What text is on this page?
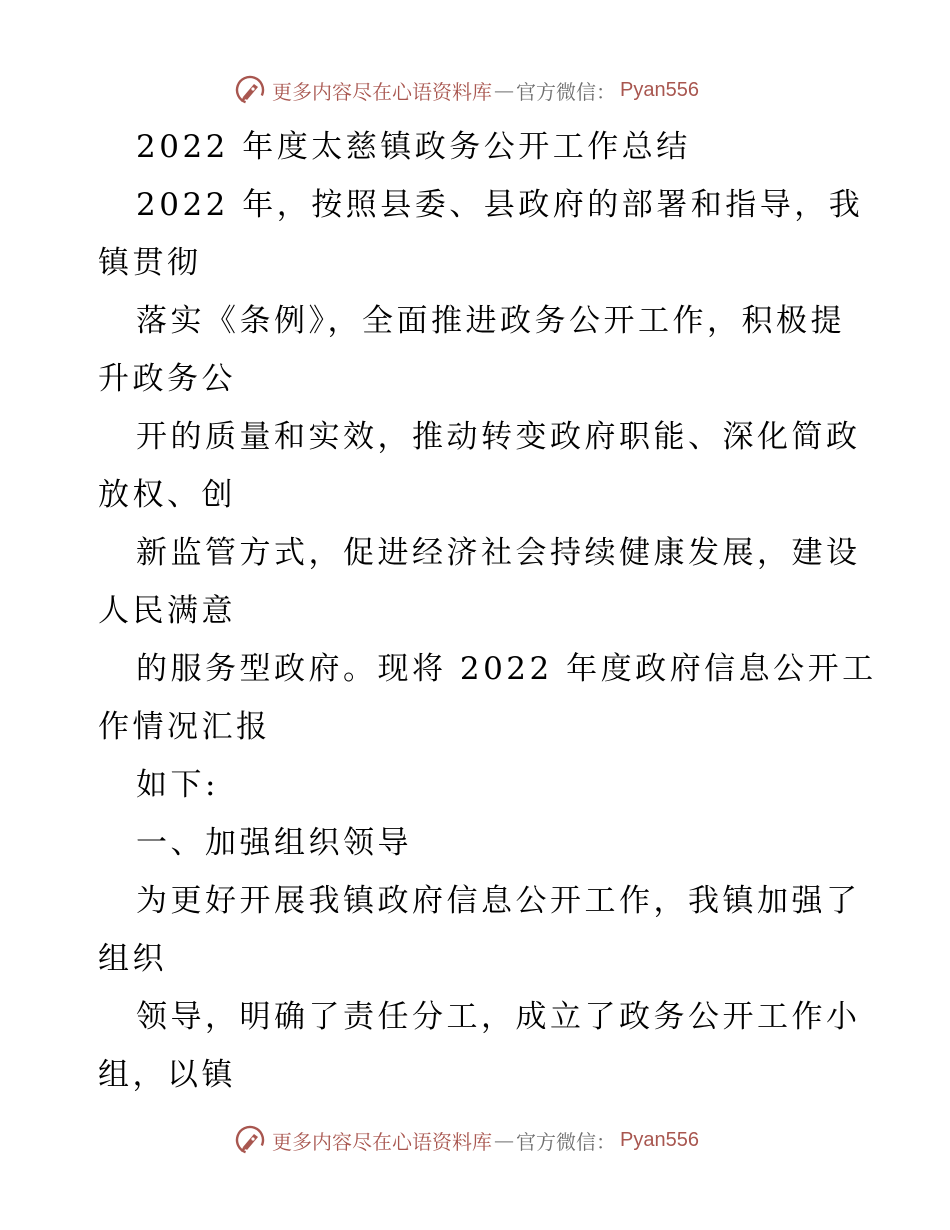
更多内容尽在心语资料库 — 官方微信： Pyan556
2022 年度太慈镇政务公开工作总结
2022 年，按照县委、县政府的部署和指导，我
镇贯彻
落实《条例》，全面推进政务公开工作，积极提
升政务公
开的质量和实效，推动转变政府职能、深化简政
放权、创
新监管方式，促进经济社会持续健康发展，建设
人民满意
的服务型政府。现将 2022 年度政府信息公开工
作情况汇报
如下:
一、加强组织领导
为更好开展我镇政府信息公开工作，我镇加强了
组织
领导，明确了责任分工，成立了政务公开工作小
组，以镇
更多内容尽在心语资料库 — 官方微信： Pyan556
